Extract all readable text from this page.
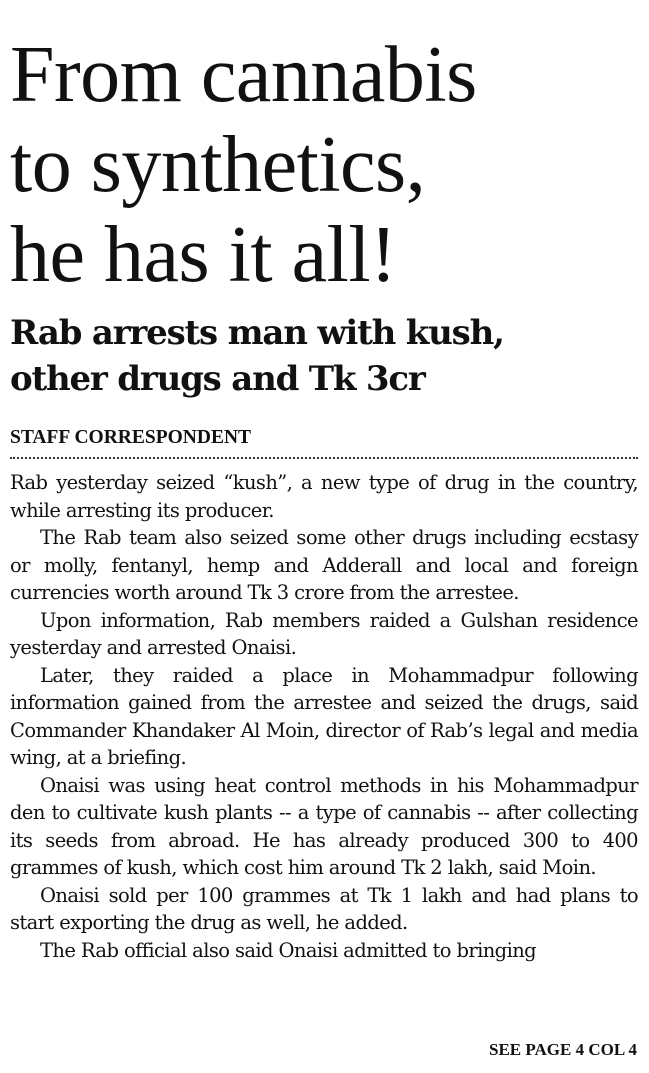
From cannabis
to synthetics,
he has it all!
Rab arrests man with kush,
other drugs and Tk 3cr
STAFF CORRESPONDENT

Rab yesterday seized “kush”, a new type of drug in the country, while arresting its producer.

The Rab team also seized some other drugs including ecstasy or molly, fentanyl, hemp and Adderall and local and foreign currencies worth around Tk 3 crore from the arrestee.

Upon information, Rab members raided a Gulshan residence yesterday and arrested Onaisi.

Later, they raided a place in Mohammadpur following information gained from the arrestee and seized the drugs, said Commander Khandaker Al Moin, director of Rab’s legal and media wing, at a briefing.

Onaisi was using heat control methods in his Mohammadpur den to cultivate kush plants -- a type of cannabis -- after collecting its seeds from abroad. He has already produced 300 to 400 grammes of kush, which cost him around Tk 2 lakh, said Moin.

Onaisi sold per 100 grammes at Tk 1 lakh and had plans to start exporting the drug as well, he added.

The Rab official also said Onaisi admitted to bringing

SEE PAGE 4 COL 4
